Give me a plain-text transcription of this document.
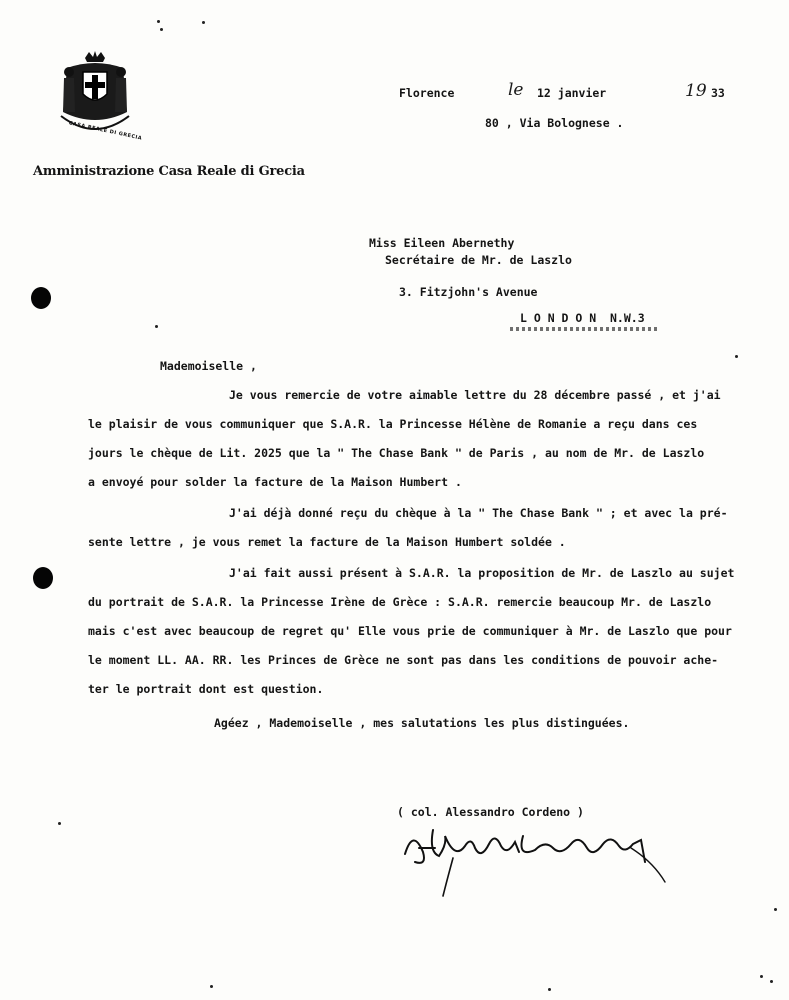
CASA REALE DI GRECIA
Amministrazione Casa Reale di Grecia
Florence	le 12 janvier	19 33
80 , Via Bolognese .
Miss Eileen Abernethy
Secrétaire de Mr. de Laszlo
3. Fitzjohn's Avenue
L O N D O N  N.W.3
Mademoiselle ,
Je vous remercie de votre aimable lettre du 28 décembre passé , et j'ai
le plaisir de vous communiquer que S.A.R. la Princesse Hélène de Romanie a reçu dans ces
jours le chèque de Lit. 2025 que la " The Chase Bank " de Paris , au nom de Mr. de Laszlo
a envoyé pour solder la facture de la Maison Humbert .
J'ai déjà donné reçu du chèque à la " The Chase Bank " ; et avec la pré-
sente lettre , je vous remet la facture de la Maison Humbert soldée .
J'ai fait aussi présent à S.A.R. la proposition de Mr. de Laszlo au sujet
du portrait de S.A.R. la Princesse Irène de Grèce : S.A.R. remercie beaucoup Mr. de Laszlo
mais c'est avec beaucoup de regret qu' Elle vous prie de communiquer à Mr. de Laszlo que pour
le moment LL. AA. RR. les Princes de Grèce ne sont pas dans les conditions de pouvoir ache-
ter le portrait dont est question.
Agéez , Mademoiselle , mes salutations les plus distinguées.
( col. Alessandro Cordeno )
